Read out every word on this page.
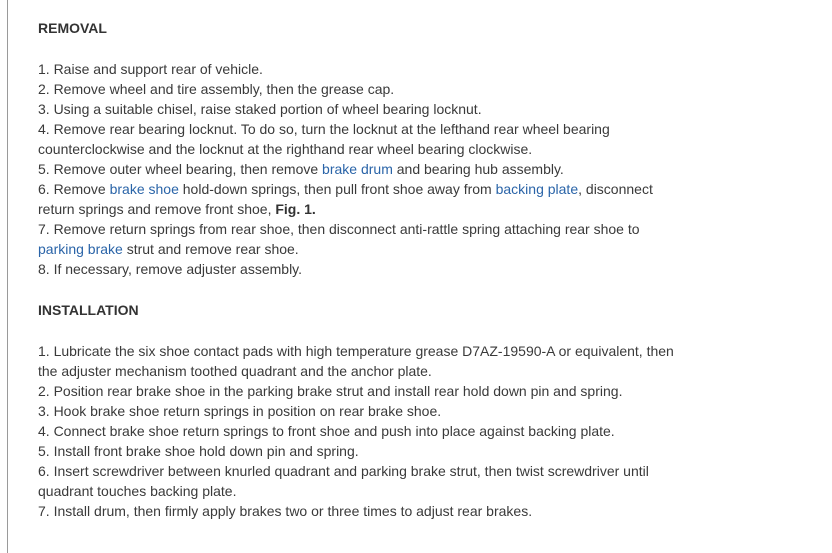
REMOVAL
1. Raise and support rear of vehicle.
2. Remove wheel and tire assembly, then the grease cap.
3. Using a suitable chisel, raise staked portion of wheel bearing locknut.
4. Remove rear bearing locknut. To do so, turn the locknut at the lefthand rear wheel bearing counterclockwise and the locknut at the righthand rear wheel bearing clockwise.
5. Remove outer wheel bearing, then remove brake drum and bearing hub assembly.
6. Remove brake shoe hold-down springs, then pull front shoe away from backing plate, disconnect return springs and remove front shoe, Fig. 1.
7. Remove return springs from rear shoe, then disconnect anti-rattle spring attaching rear shoe to parking brake strut and remove rear shoe.
8. If necessary, remove adjuster assembly.
INSTALLATION
1. Lubricate the six shoe contact pads with high temperature grease D7AZ-19590-A or equivalent, then the adjuster mechanism toothed quadrant and the anchor plate.
2. Position rear brake shoe in the parking brake strut and install rear hold down pin and spring.
3. Hook brake shoe return springs in position on rear brake shoe.
4. Connect brake shoe return springs to front shoe and push into place against backing plate.
5. Install front brake shoe hold down pin and spring.
6. Insert screwdriver between knurled quadrant and parking brake strut, then twist screwdriver until quadrant touches backing plate.
7. Install drum, then firmly apply brakes two or three times to adjust rear brakes.
